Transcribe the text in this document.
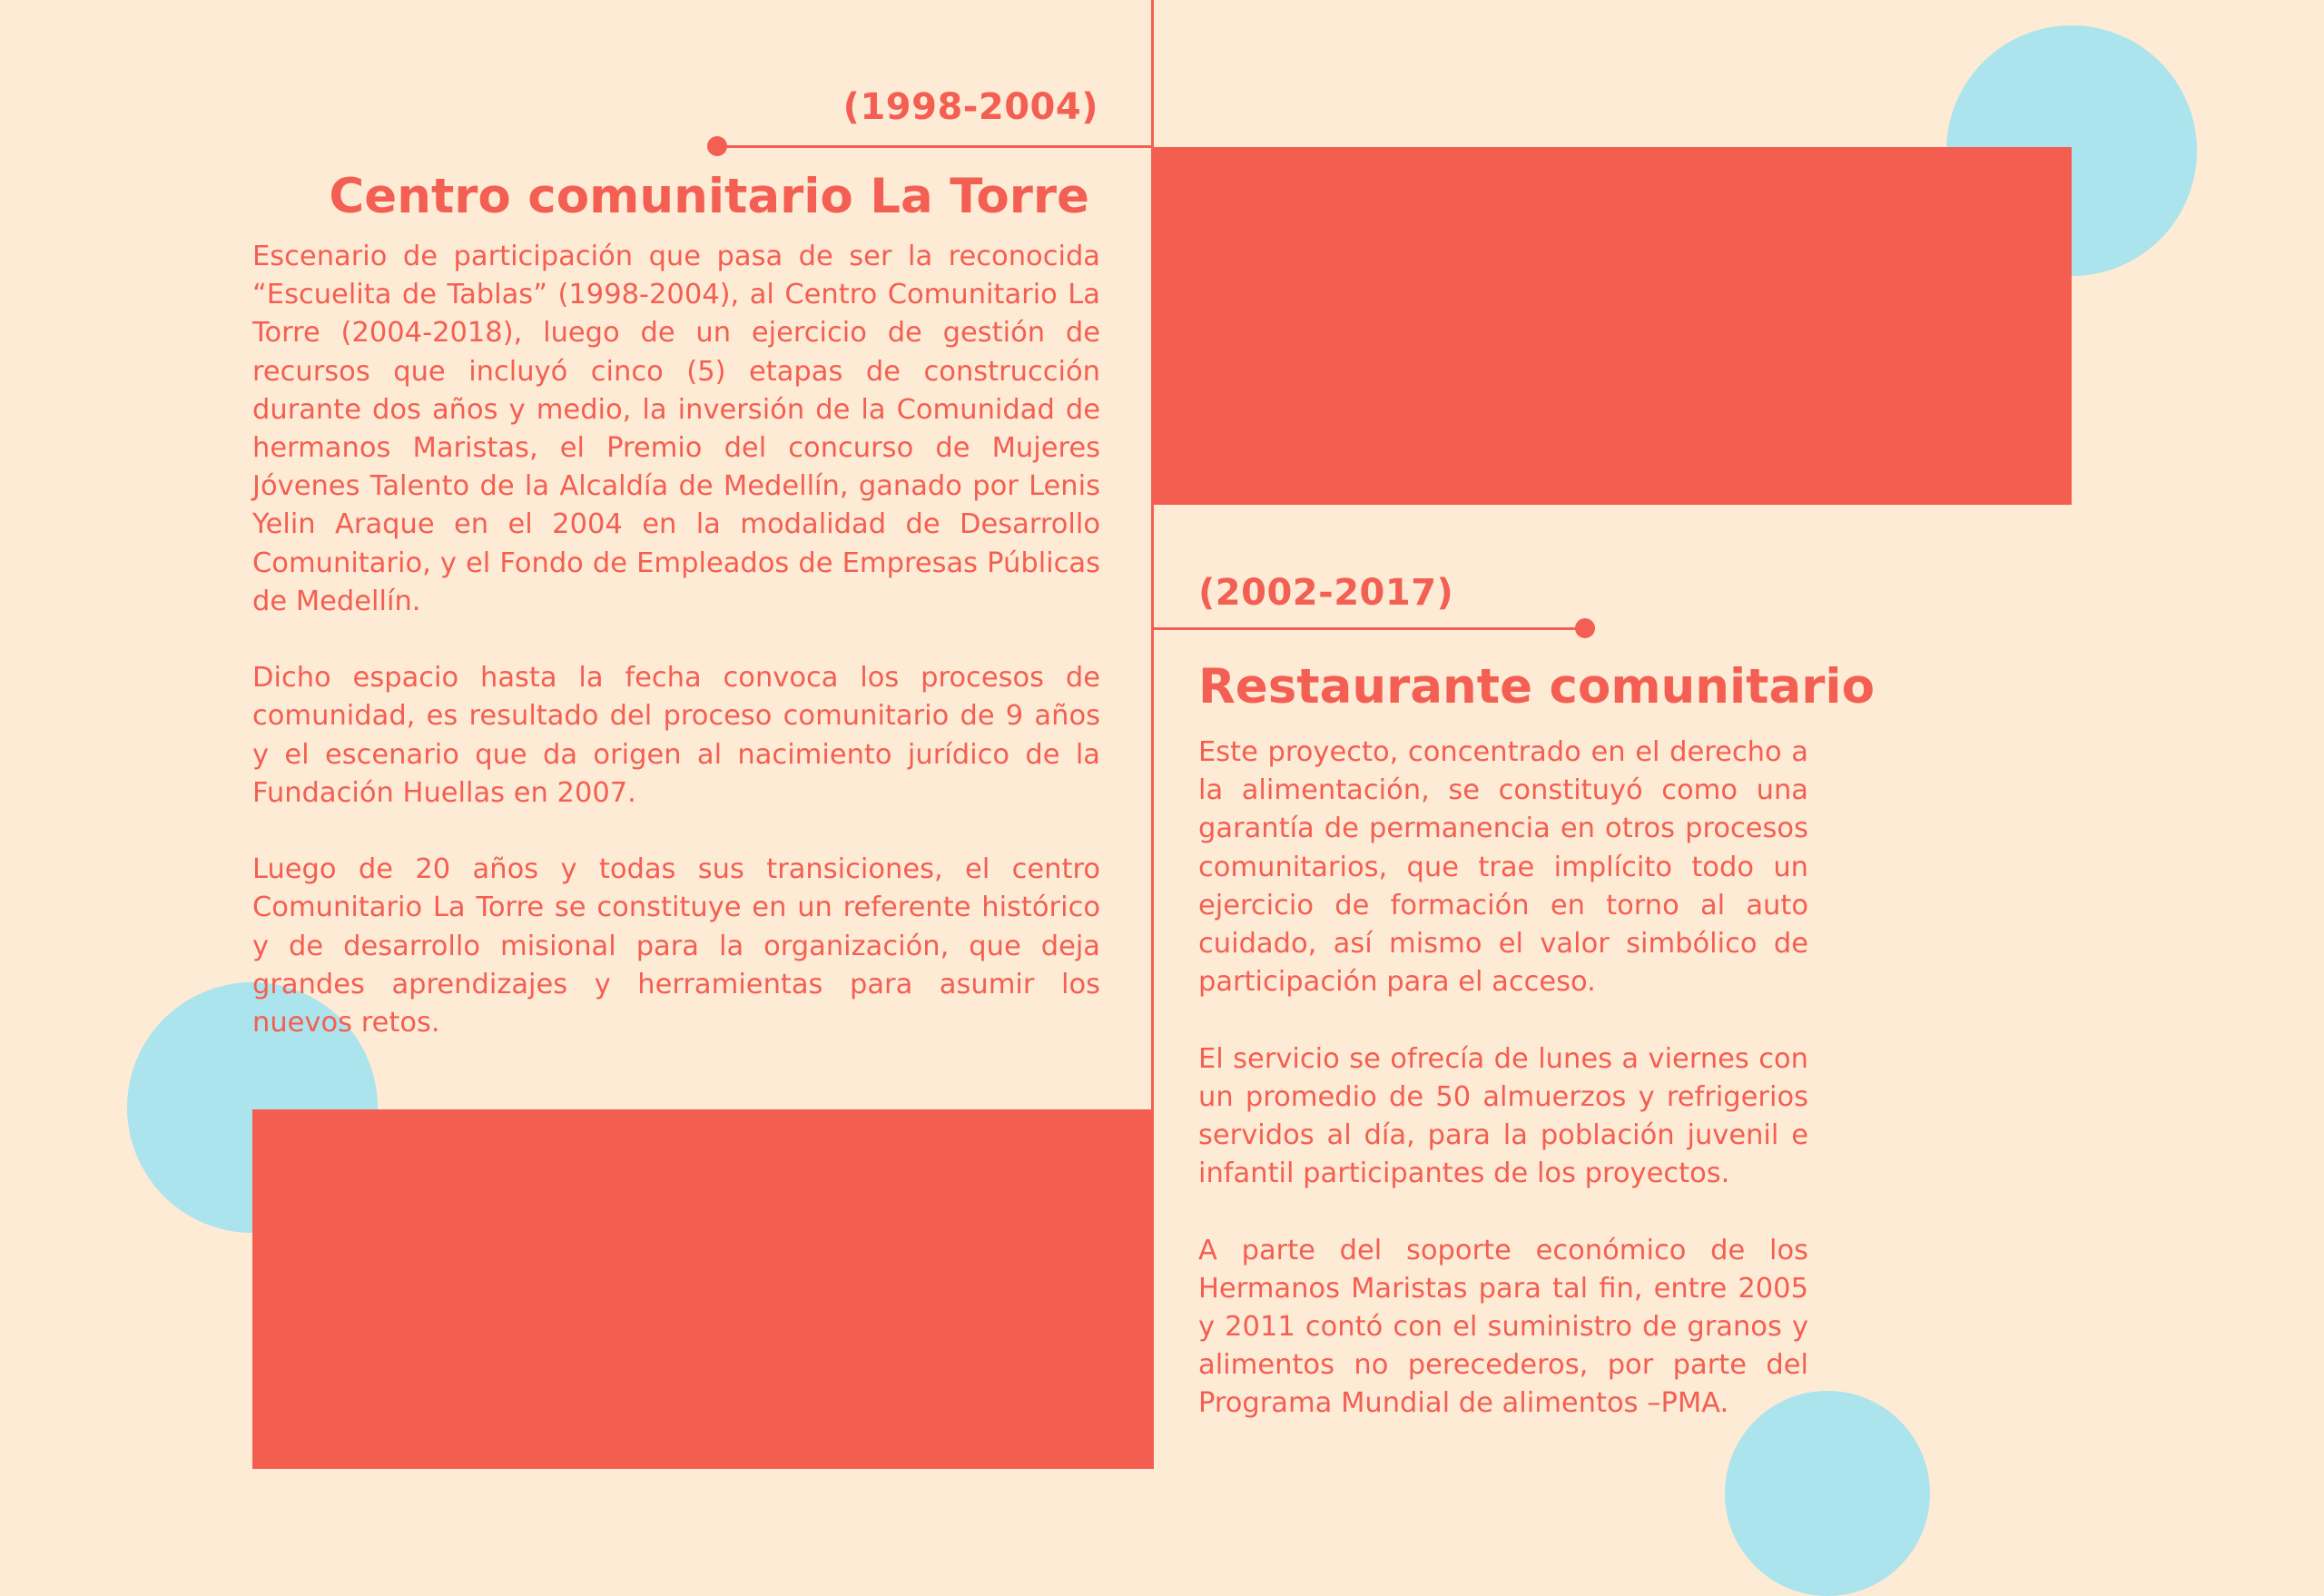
(1998-2004)
Centro comunitario La Torre

Escenario de participación que pasa de ser la reconocida “Escuelita de Tablas” (1998-2004), al Centro Comunitario La Torre (2004-2018), luego de un ejercicio de gestión de recursos que incluyó cinco (5) etapas de construcción durante dos años y medio, la inversión de la Comunidad de hermanos Maristas, el Premio del concurso de Mujeres Jóvenes Talento de la Alcaldía de Medellín, ganado por Lenis Yelin Araque en el 2004 en la modalidad de Desarrollo Comunitario, y el Fondo de Empleados de Empresas Públicas de Medellín.

Dicho espacio hasta la fecha convoca los procesos de comunidad, es resultado del proceso comunitario de 9 años y el escenario que da origen al nacimiento jurídico de la Fundación Huellas en 2007.

Luego de 20 años y todas sus transiciones, el centro Comunitario La Torre se constituye en un referente histórico y de desarrollo misional para la organización, que deja grandes aprendizajes y herramientas para asumir los nuevos retos.

(2002-2017)
Restaurante comunitario

Este proyecto, concentrado en el derecho a la alimentación, se constituyó como una garantía de permanencia en otros procesos comunitarios, que trae implícito todo un ejercicio de formación en torno al auto cuidado, así mismo el valor simbólico de participación para el acceso.

El servicio se ofrecía de lunes a viernes con un promedio de 50 almuerzos y refrigerios servidos al día, para la población juvenil e infantil participantes de los proyectos.

A parte del soporte económico de los Hermanos Maristas para tal fin, entre 2005 y 2011 contó con el suministro de granos y alimentos no perecederos, por parte del Programa Mundial de alimentos –PMA.
